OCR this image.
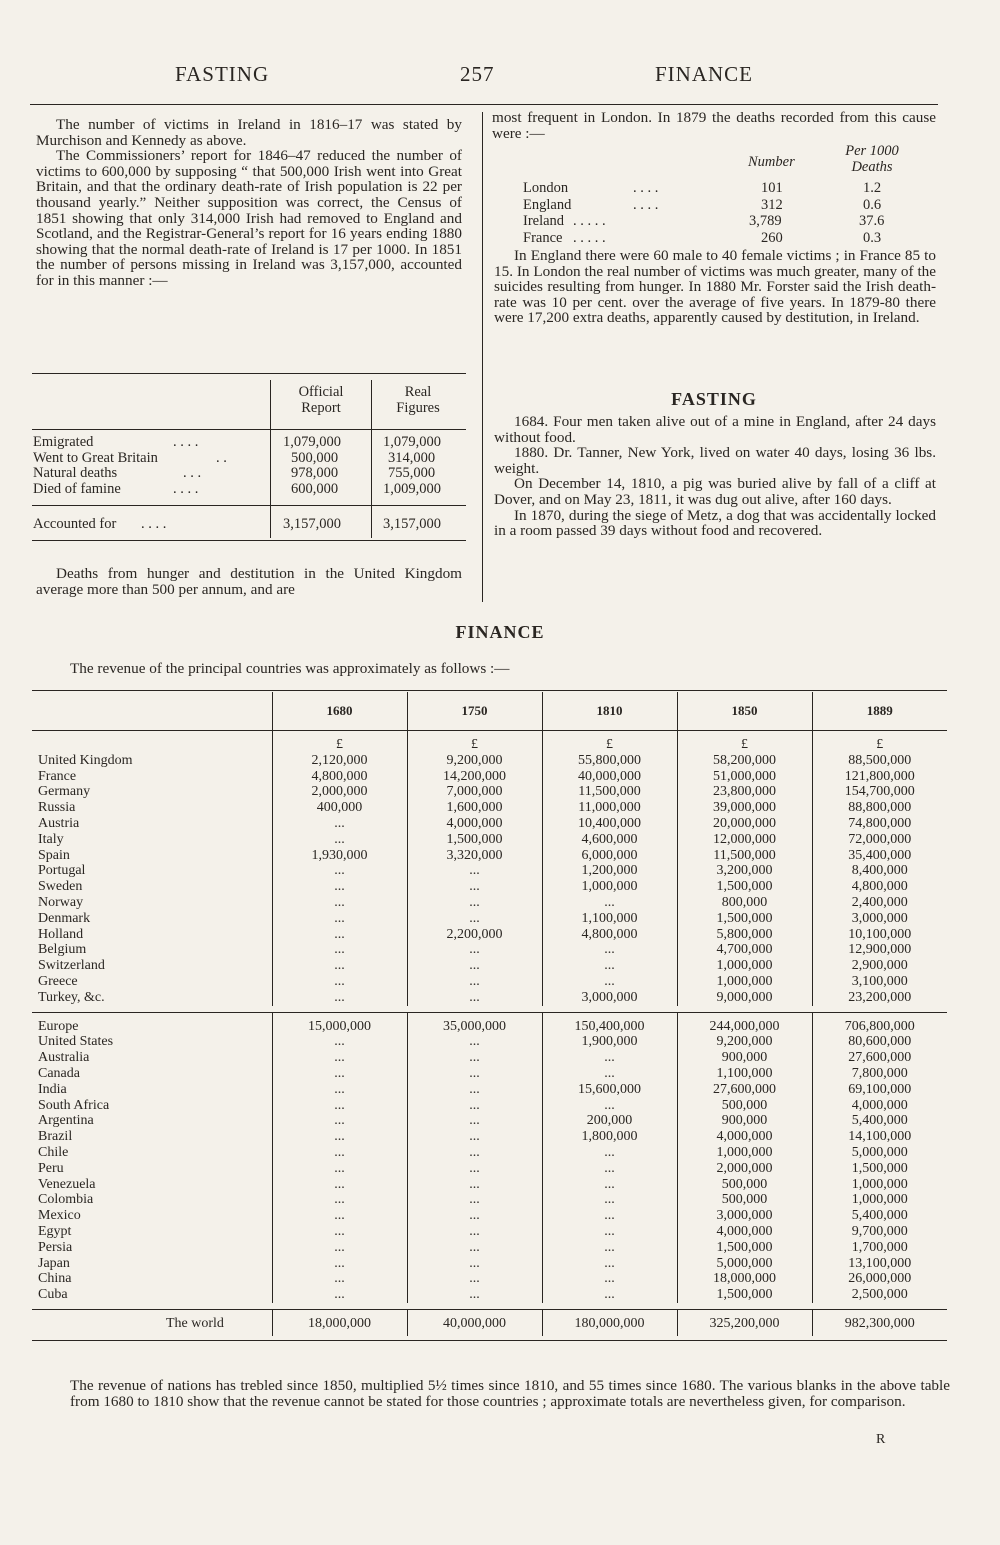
FASTING	257	FINANCE

The number of victims in Ireland in 1816–17 was stated by Murchison and Kennedy as above.

The Commissioners’ report for 1846–47 reduced the number of victims to 600,000 by supposing “ that 500,000 Irish went into Great Britain, and that the ordinary death-rate of Irish population is 22 per thousand yearly.” Neither supposition was correct, the Census of 1851 showing that only 314,000 Irish had removed to England and Scotland, and the Registrar-General’s report for 16 years ending 1880 showing that the normal death-rate of Ireland is 17 per 1000. In 1851 the number of persons missing in Ireland was 3,157,000, accounted for in this manner :—

Official
Report
Real
Figures
Emigrated	. . . .	1,079,000	1,079,000
Went to Great Britain	. .	500,000	314,000
Natural deaths	. . .	978,000	755,000
Died of famine	. . . .	600,000	1,009,000
Accounted for . . . .	3,157,000	3,157,000

Deaths from hunger and destitution in the United Kingdom average more than 500 per annum, and are

most frequent in London. In 1879 the deaths recorded from this cause were :—

Number
Per 1000
Deaths
London	. . . .	101	1.2
England	. . . .	312	0.6
Ireland . . . . .	3,789	37.6
France . . . . .	260	0.3

In England there were 60 male to 40 female victims ; in France 85 to 15. In London the real number of victims was much greater, many of the suicides resulting from hunger. In 1880 Mr. Forster said the Irish death-rate was 10 per cent. over the average of five years. In 1879-80 there were 17,200 extra deaths, apparently caused by destitution, in Ireland.

FASTING

1684. Four men taken alive out of a mine in England, after 24 days without food.

1880. Dr. Tanner, New York, lived on water 40 days, losing 36 lbs. weight.

On December 14, 1810, a pig was buried alive by fall of a cliff at Dover, and on May 23, 1811, it was dug out alive, after 160 days.

In 1870, during the siege of Metz, a dog that was accidentally locked in a room passed 39 days without food and recovered.

FINANCE
The revenue of the principal countries was approximately as follows :—
	1680	1750	1810	1850	1889
	£	£	£	£	£
United Kingdom	2,120,000	9,200,000	55,800,000	58,200,000	88,500,000
France	4,800,000	14,200,000	40,000,000	51,000,000	121,800,000
Germany	2,000,000	7,000,000	11,500,000	23,800,000	154,700,000
Russia	400,000	1,600,000	11,000,000	39,000,000	88,800,000
Austria	...	4,000,000	10,400,000	20,000,000	74,800,000
Italy	...	1,500,000	4,600,000	12,000,000	72,000,000
Spain	1,930,000	3,320,000	6,000,000	11,500,000	35,400,000
Portugal	...	...	1,200,000	3,200,000	8,400,000
Sweden	...	...	1,000,000	1,500,000	4,800,000
Norway	...	...	...	800,000	2,400,000
Denmark	...	...	1,100,000	1,500,000	3,000,000
Holland	...	2,200,000	4,800,000	5,800,000	10,100,000
Belgium	...	...	...	4,700,000	12,900,000
Switzerland	...	...	...	1,000,000	2,900,000
Greece	...	...	...	1,000,000	3,100,000
Turkey, &c.	...	...	3,000,000	9,000,000	23,200,000

Europe	15,000,000	35,000,000	150,400,000	244,000,000	706,800,000
United States	...	...	1,900,000	9,200,000	80,600,000
Australia	...	...	...	900,000	27,600,000
Canada	...	...	...	1,100,000	7,800,000
India	...	...	15,600,000	27,600,000	69,100,000
South Africa	...	...	...	500,000	4,000,000
Argentina	...	...	200,000	900,000	5,400,000
Brazil	...	...	1,800,000	4,000,000	14,100,000
Chile	...	...	...	1,000,000	5,000,000
Peru	...	...	...	2,000,000	1,500,000
Venezuela	...	...	...	500,000	1,000,000
Colombia	...	...	...	500,000	1,000,000
Mexico	...	...	...	3,000,000	5,400,000
Egypt	...	...	...	4,000,000	9,700,000
Persia	...	...	...	1,500,000	1,700,000
Japan	...	...	...	5,000,000	13,100,000
China	...	...	...	18,000,000	26,000,000
Cuba	...	...	...	1,500,000	2,500,000

The world	18,000,000	40,000,000	180,000,000	325,200,000	982,300,000

The revenue of nations has trebled since 1850, multiplied 5½ times since 1810, and 55 times since 1680. The various blanks in the above table from 1680 to 1810 show that the revenue cannot be stated for those countries ; approximate totals are nevertheless given, for comparison.
R
